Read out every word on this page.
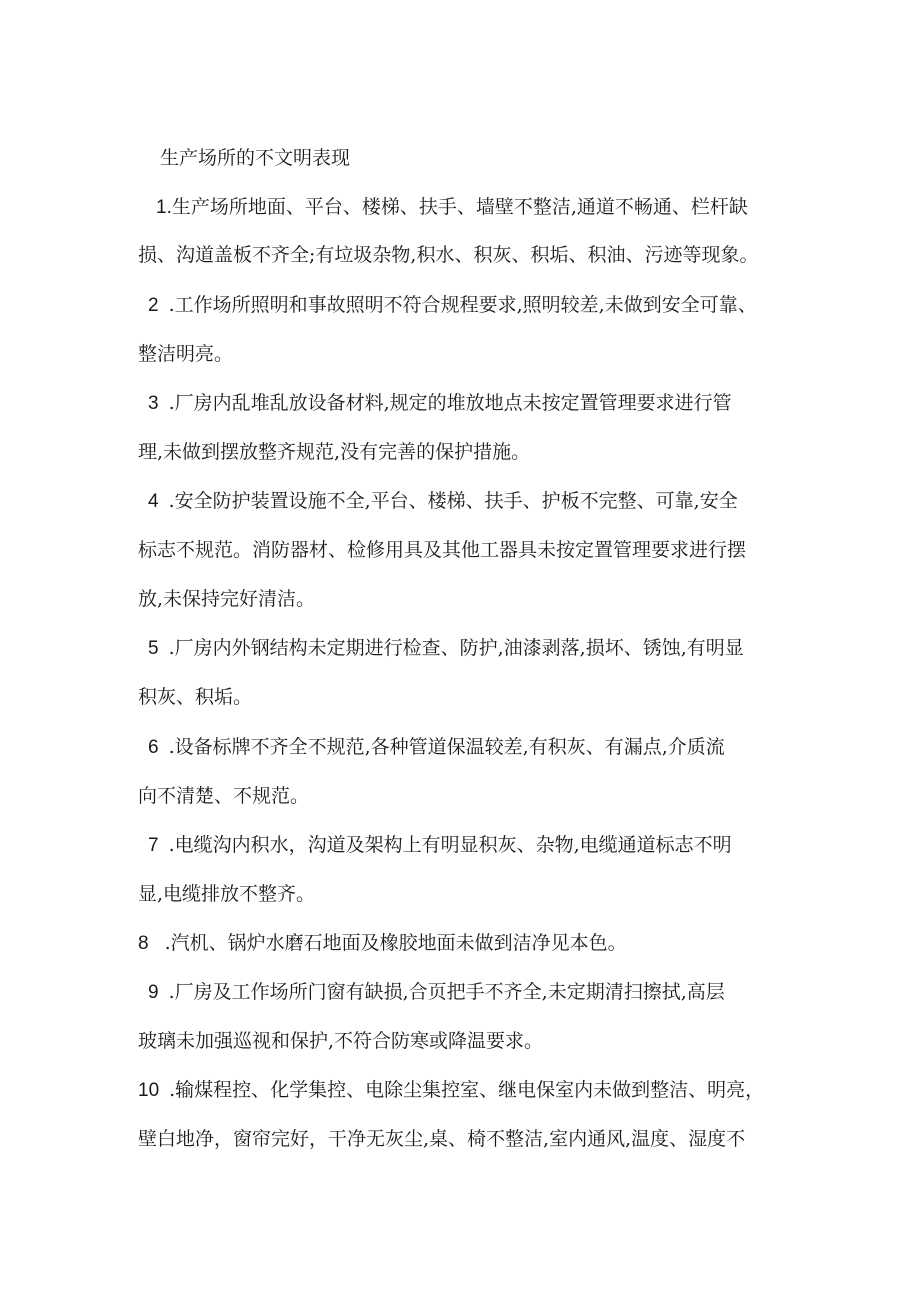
生产场所的不文明表现
1.生产场所地面、平台、楼梯、扶手、墙壁不整洁,通道不畅通、栏杆缺
损、沟道盖板不齐全;有垃圾杂物,积水、积灰、积垢、积油、污迹等现象。
2 .工作场所照明和事故照明不符合规程要求,照明较差,未做到安全可靠、
整洁明亮。
3 .厂房内乱堆乱放设备材料,规定的堆放地点未按定置管理要求进行管
理,未做到摆放整齐规范,没有完善的保护措施。
4 .安全防护装置设施不全,平台、楼梯、扶手、护板不完整、可靠,安全
标志不规范。消防器材、检修用具及其他工器具未按定置管理要求进行摆
放,未保持完好清洁。
5 .厂房内外钢结构未定期进行检查、防护,油漆剥落,损坏、锈蚀,有明显
积灰、积垢。
6 .设备标牌不齐全不规范,各种管道保温较差,有积灰、有漏点,介质流
向不清楚、不规范。
7 .电缆沟内积水，沟道及架构上有明显积灰、杂物,电缆通道标志不明
显,电缆排放不整齐。
8 .汽机、锅炉水磨石地面及橡胶地面未做到洁净见本色。
9 .厂房及工作场所门窗有缺损,合页把手不齐全,未定期清扫擦拭,高层
玻璃未加强巡视和保护,不符合防寒或降温要求。
10 .输煤程控、化学集控、电除尘集控室、继电保室内未做到整洁、明亮，
壁白地净，窗帘完好，干净无灰尘,桌、椅不整洁,室内通风,温度、湿度不
